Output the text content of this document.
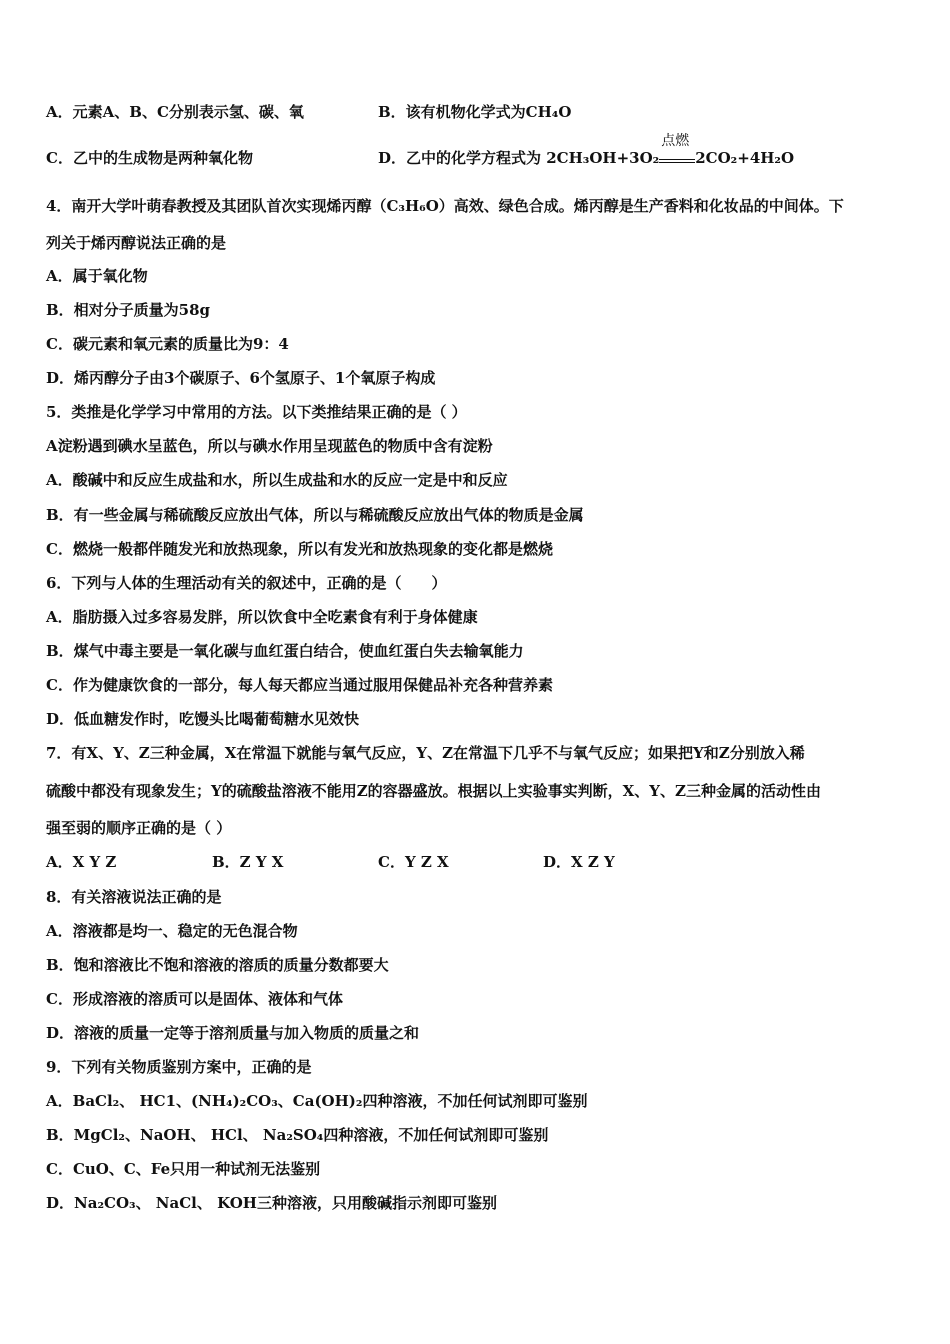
A．元素A、B、C分别表示氢、碳、氧	B．该有机物化学式为CH₄O
C．乙中的生成物是两种氧化物	D．乙中的化学方程式为 2CH₃OH+3O₂
点燃
2CO₂+4H₂O
4．南开大学叶萌春教授及其团队首次实现烯丙醇（C₃H₆O）高效、绿色合成。烯丙醇是生产香料和化妆品的中间体。下
列关于烯丙醇说法正确的是
A．属于氧化物
B．相对分子质量为58g
C．碳元素和氧元素的质量比为9：4
D．烯丙醇分子由3个碳原子、6个氢原子、1个氧原子构成
5．类推是化学学习中常用的方法。以下类推结果正确的是（ ）
A淀粉遇到碘水呈蓝色，所以与碘水作用呈现蓝色的物质中含有淀粉
A．酸碱中和反应生成盐和水，所以生成盐和水的反应一定是中和反应
B．有一些金属与稀硫酸反应放出气体，所以与稀硫酸反应放出气体的物质是金属
C．燃烧一般都伴随发光和放热现象，所以有发光和放热现象的变化都是燃烧
6．下列与人体的生理活动有关的叙述中，正确的是（　　）
A．脂肪摄入过多容易发胖，所以饮食中全吃素食有利于身体健康
B．煤气中毒主要是一氧化碳与血红蛋白结合，使血红蛋白失去输氧能力
C．作为健康饮食的一部分，每人每天都应当通过服用保健品补充各种营养素
D．低血糖发作时，吃馒头比喝葡萄糖水见效快
7．有X、Y、Z三种金属，X在常温下就能与氧气反应，Y、Z在常温下几乎不与氧气反应；如果把Y和Z分别放入稀
硫酸中都没有现象发生；Y的硫酸盐溶液不能用Z的容器盛放。根据以上实验事实判断，X、Y、Z三种金属的活动性由
强至弱的顺序正确的是（ ）
A．X Y Z	B．Z Y X	C．Y Z X	D．X Z Y
8．有关溶液说法正确的是
A．溶液都是均一、稳定的无色混合物
B．饱和溶液比不饱和溶液的溶质的质量分数都要大
C．形成溶液的溶质可以是固体、液体和气体
D．溶液的质量一定等于溶剂质量与加入物质的质量之和
9．下列有关物质鉴别方案中，正确的是
A．BaCl₂、 HC1、(NH₄)₂CO₃、Ca(OH)₂四种溶液，不加任何试剂即可鉴别
B．MgCl₂、NaOH、 HCl、 Na₂SO₄四种溶液，不加任何试剂即可鉴别
C．CuO、C、Fe只用一种试剂无法鉴别
D．Na₂CO₃、 NaCl、 KOH三种溶液，只用酸碱指示剂即可鉴别
